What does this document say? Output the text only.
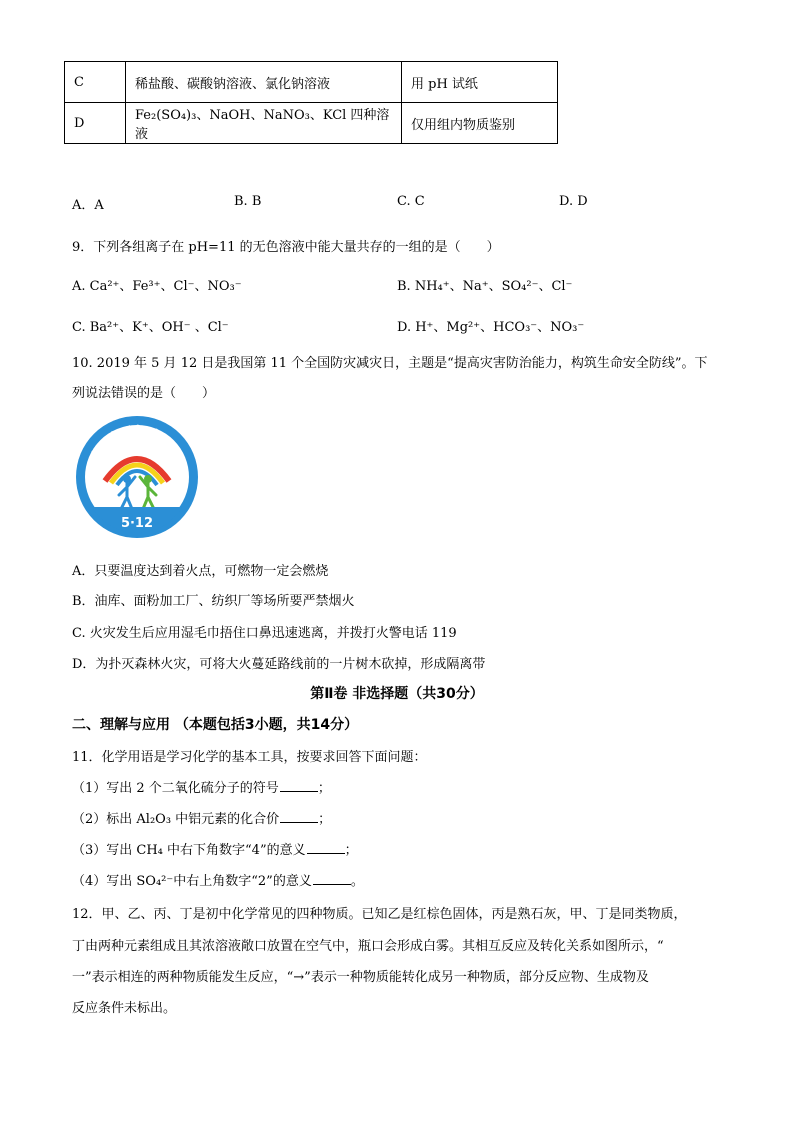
C	稀盐酸、碳酸钠溶液、氯化钠溶液	用 pH 试纸
D	Fe₂(SO₄)₃、NaOH、NaNO₃、KCl 四种溶液	仅用组内物质鉴别
A．A	B. B	C. C	D. D
9．下列各组离子在 pH=11 的无色溶液中能大量共存的一组的是（　　）
A. Ca²⁺、Fe³⁺、Cl⁻、NO₃⁻	B. NH₄⁺、Na⁺、SO₄²⁻、Cl⁻
C. Ba²⁺、K⁺、OH⁻ 、Cl⁻	D. H⁺、Mg²⁺、HCO₃⁻、NO₃⁻
10. 2019 年 5 月 12 日是我国第 11 个全国防灾减灾日，主题是“提高灾害防治能力，构筑生命安全防线”。下
列说法错误的是（　　）
防灾减灾日
5·12
A．只要温度达到着火点，可燃物一定会燃烧
B．油库、面粉加工厂、纺织厂等场所要严禁烟火
C. 火灾发生后应用湿毛巾捂住口鼻迅速逃离，并拨打火警电话 119
D．为扑灭森林火灾，可将大火蔓延路线前的一片树木砍掉，形成隔离带
第Ⅱ卷 非选择题（共30分）
二、理解与应用 （本题包括3小题，共14分）
11．化学用语是学习化学的基本工具，按要求回答下面问题：
（1）写出 2 个二氧化硫分子的符号	；
（2）标出 Al₂O₃ 中铝元素的化合价	；
（3）写出 CH₄ 中右下角数字“4”的意义	；
（4）写出 SO₄²⁻中右上角数字“2”的意义	。
12．甲、乙、丙、丁是初中化学常见的四种物质。已知乙是红棕色固体，丙是熟石灰，甲、丁是同类物质，
丁由两种元素组成且其浓溶液敞口放置在空气中，瓶口会形成白雾。其相互反应及转化关系如图所示，“
一”表示相连的两种物质能发生反应，“→”表示一种物质能转化成另一种物质，部分反应物、生成物及
反应条件未标出。
